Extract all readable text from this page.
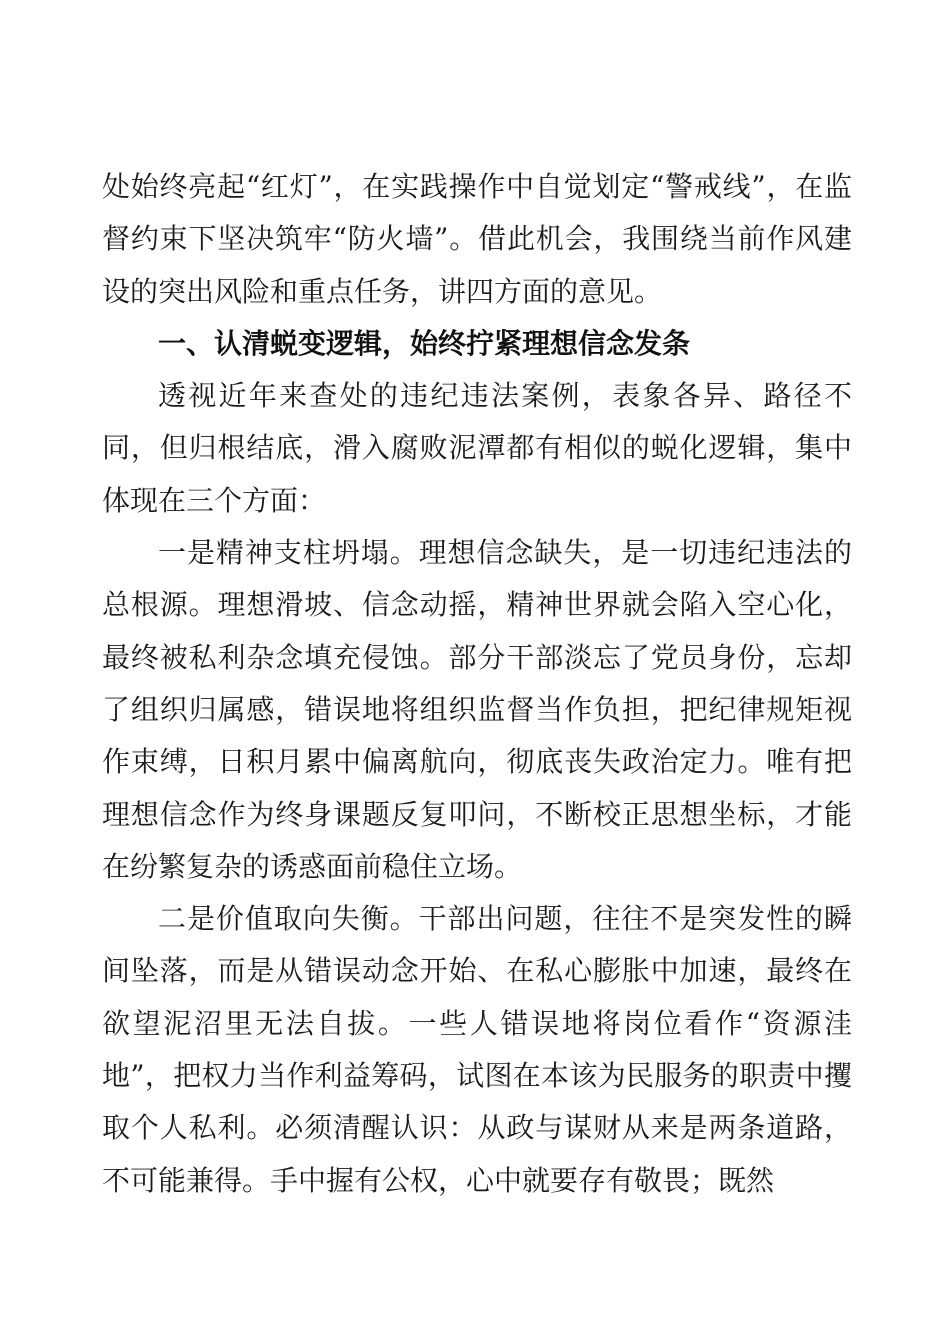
处始终亮起“红灯”，在实践操作中自觉划定“警戒线”，在监督约束下坚决筑牢“防火墙”。借此机会，我围绕当前作风建设的突出风险和重点任务，讲四方面的意见。

一、认清蜕变逻辑，始终拧紧理想信念发条

透视近年来查处的违纪违法案例，表象各异、路径不同，但归根结底，滑入腐败泥潭都有相似的蜕化逻辑，集中体现在三个方面：

一是精神支柱坍塌。理想信念缺失，是一切违纪违法的总根源。理想滑坡、信念动摇，精神世界就会陷入空心化，最终被私利杂念填充侵蚀。部分干部淡忘了党员身份，忘却了组织归属感，错误地将组织监督当作负担，把纪律规矩视作束缚，日积月累中偏离航向，彻底丧失政治定力。唯有把理想信念作为终身课题反复叩问，不断校正思想坐标，才能在纷繁复杂的诱惑面前稳住立场。

二是价值取向失衡。干部出问题，往往不是突发性的瞬间坠落，而是从错误动念开始、在私心膨胀中加速，最终在欲望泥沼里无法自拔。一些人错误地将岗位看作“资源洼地”，把权力当作利益筹码，试图在本该为民服务的职责中攫取个人私利。必须清醒认识：从政与谋财从来是两条道路，不可能兼得。手中握有公权，心中就要存有敬畏；既然
